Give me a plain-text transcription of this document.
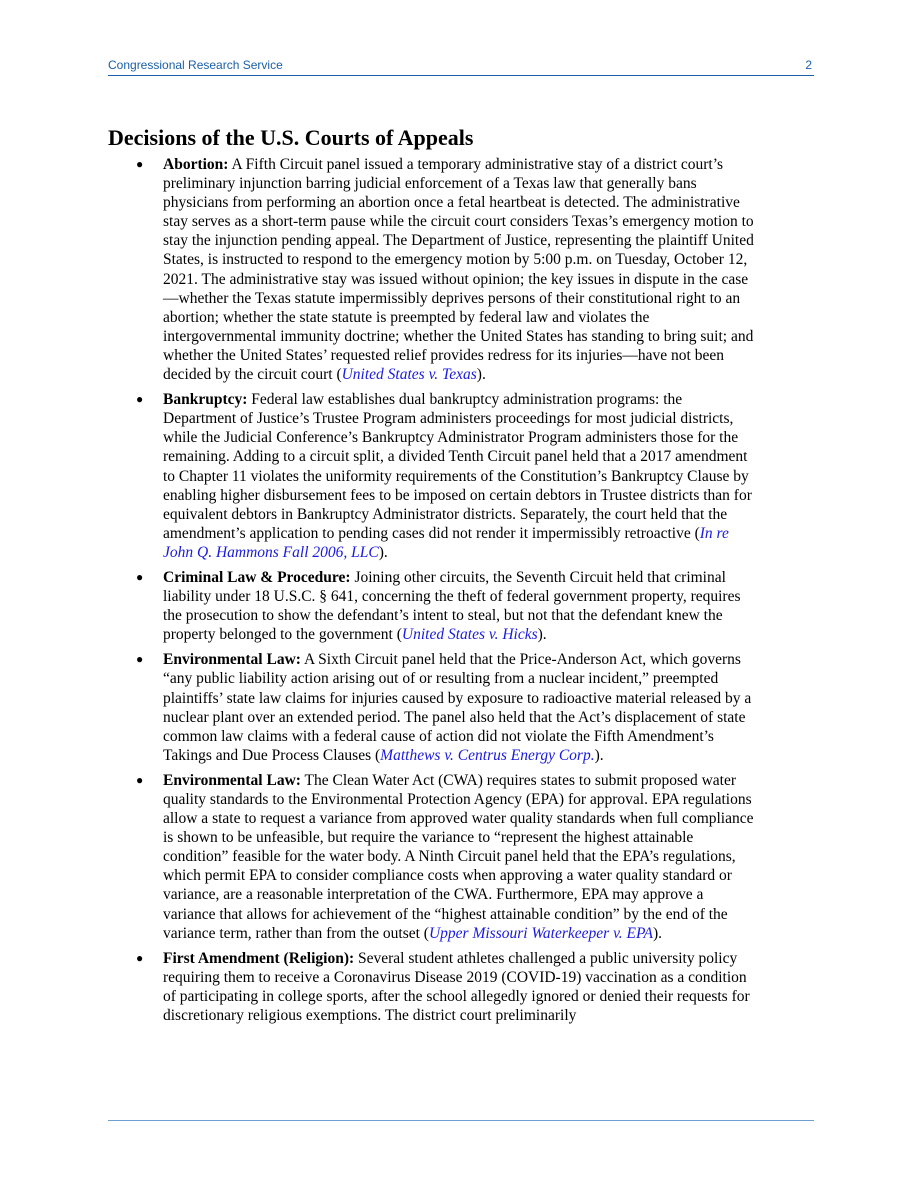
Congressional Research Service	2
Decisions of the U.S. Courts of Appeals
● Abortion: A Fifth Circuit panel issued a temporary administrative stay of a district court’s preliminary injunction barring judicial enforcement of a Texas law that generally bans physicians from performing an abortion once a fetal heartbeat is detected. The administrative stay serves as a short-term pause while the circuit court considers Texas’s emergency motion to stay the injunction pending appeal. The Department of Justice, representing the plaintiff United States, is instructed to respond to the emergency motion by 5:00 p.m. on Tuesday, October 12, 2021. The administrative stay was issued without opinion; the key issues in dispute in the case—whether the Texas statute impermissibly deprives persons of their constitutional right to an abortion; whether the state statute is preempted by federal law and violates the intergovernmental immunity doctrine; whether the United States has standing to bring suit; and whether the United States’ requested relief provides redress for its injuries—have not been decided by the circuit court (United States v. Texas).
● Bankruptcy: Federal law establishes dual bankruptcy administration programs: the Department of Justice’s Trustee Program administers proceedings for most judicial districts, while the Judicial Conference’s Bankruptcy Administrator Program administers those for the remaining. Adding to a circuit split, a divided Tenth Circuit panel held that a 2017 amendment to Chapter 11 violates the uniformity requirements of the Constitution’s Bankruptcy Clause by enabling higher disbursement fees to be imposed on certain debtors in Trustee districts than for equivalent debtors in Bankruptcy Administrator districts. Separately, the court held that the amendment’s application to pending cases did not render it impermissibly retroactive (In re John Q. Hammons Fall 2006, LLC).
● Criminal Law & Procedure: Joining other circuits, the Seventh Circuit held that criminal liability under 18 U.S.C. § 641, concerning the theft of federal government property, requires the prosecution to show the defendant’s intent to steal, but not that the defendant knew the property belonged to the government (United States v. Hicks).
● Environmental Law: A Sixth Circuit panel held that the Price-Anderson Act, which governs “any public liability action arising out of or resulting from a nuclear incident,” preempted plaintiffs’ state law claims for injuries caused by exposure to radioactive material released by a nuclear plant over an extended period. The panel also held that the Act’s displacement of state common law claims with a federal cause of action did not violate the Fifth Amendment’s Takings and Due Process Clauses (Matthews v. Centrus Energy Corp.).
● Environmental Law: The Clean Water Act (CWA) requires states to submit proposed water quality standards to the Environmental Protection Agency (EPA) for approval. EPA regulations allow a state to request a variance from approved water quality standards when full compliance is shown to be unfeasible, but require the variance to “represent the highest attainable condition” feasible for the water body. A Ninth Circuit panel held that the EPA’s regulations, which permit EPA to consider compliance costs when approving a water quality standard or variance, are a reasonable interpretation of the CWA. Furthermore, EPA may approve a variance that allows for achievement of the “highest attainable condition” by the end of the variance term, rather than from the outset (Upper Missouri Waterkeeper v. EPA).
● First Amendment (Religion): Several student athletes challenged a public university policy requiring them to receive a Coronavirus Disease 2019 (COVID-19) vaccination as a condition of participating in college sports, after the school allegedly ignored or denied their requests for discretionary religious exemptions. The district court preliminarily
